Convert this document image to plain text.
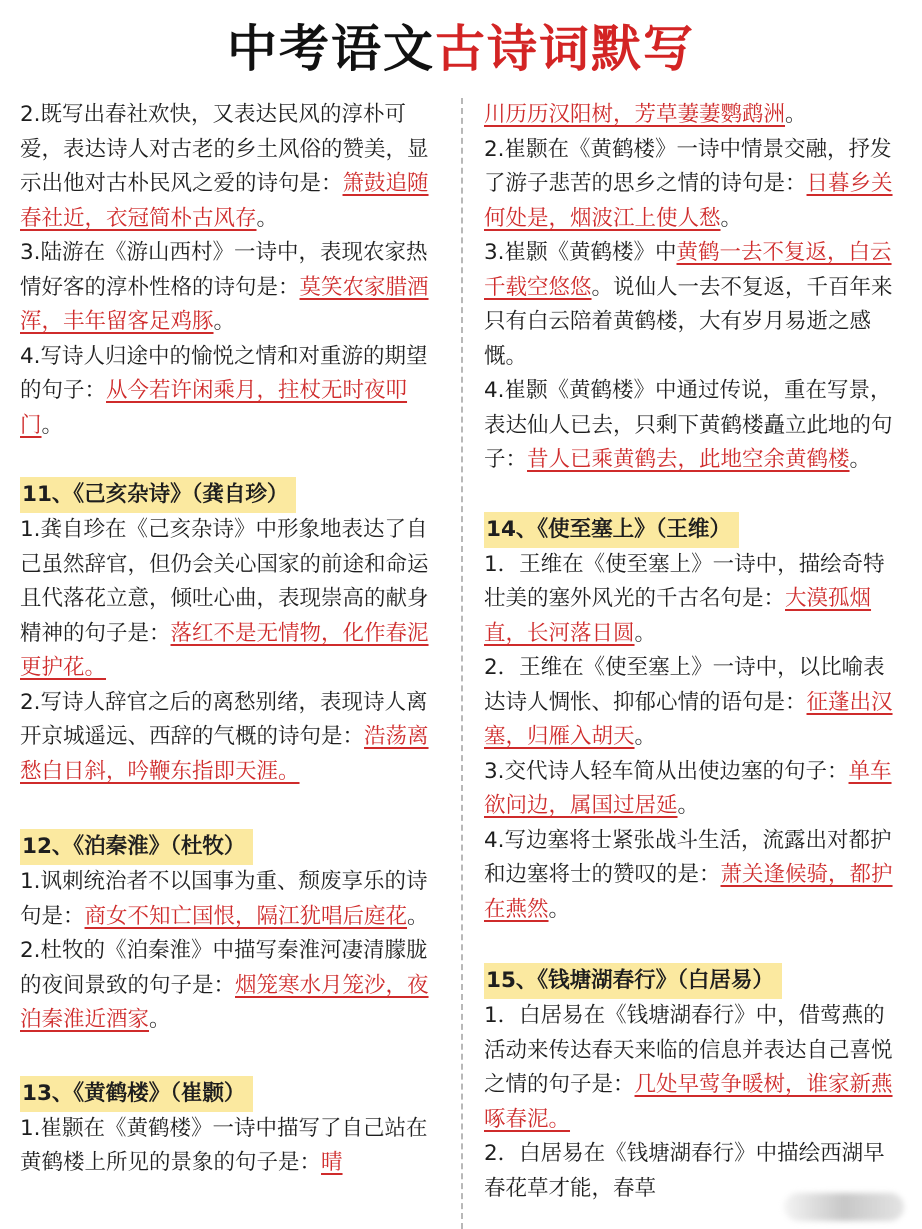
中考语文古诗词默写

2.既写出春社欢快，又表达民风的淳朴可爱，表达诗人对古老的乡土风俗的赞美，显示出他对古朴民风之爱的诗句是：箫鼓追随春社近，衣冠简朴古风存。

3.陆游在《游山西村》一诗中，表现农家热情好客的淳朴性格的诗句是：莫笑农家腊酒浑，丰年留客足鸡豚。

4.写诗人归途中的愉悦之情和对重游的期望的句子：从今若许闲乘月，拄杖无时夜叩门。

11、《己亥杂诗》（龚自珍）

1.龚自珍在《己亥杂诗》中形象地表达了自己虽然辞官，但仍会关心国家的前途和命运且代落花立意，倾吐心曲，表现崇高的献身精神的句子是：落红不是无情物，化作春泥更护花。

2.写诗人辞官之后的离愁别绪，表现诗人离开京城遥远、西辞的气概的诗句是：浩荡离愁白日斜，吟鞭东指即天涯。

12、《泊秦淮》（杜牧）

1.讽刺统治者不以国事为重、颓废享乐的诗句是：商女不知亡国恨，隔江犹唱后庭花。

2.杜牧的《泊秦淮》中描写秦淮河凄清朦胧的夜间景致的句子是：烟笼寒水月笼沙，夜泊秦淮近酒家。

13、《黄鹤楼》（崔颢）

1.崔颢在《黄鹤楼》一诗中描写了自己站在黄鹤楼上所见的景象的句子是：晴

川历历汉阳树，芳草萋萋鹦鹉洲。

2.崔颢在《黄鹤楼》一诗中情景交融，抒发了游子悲苦的思乡之情的诗句是：日暮乡关何处是，烟波江上使人愁。

3.崔颢《黄鹤楼》中黄鹤一去不复返，白云千载空悠悠。说仙人一去不复返，千百年来只有白云陪着黄鹤楼，大有岁月易逝之感慨。

4.崔颢《黄鹤楼》中通过传说，重在写景，表达仙人已去，只剩下黄鹤楼矗立此地的句子：昔人已乘黄鹤去，此地空余黄鹤楼。

14、《使至塞上》（王维）

1．王维在《使至塞上》一诗中，描绘奇特壮美的塞外风光的千古名句是：大漠孤烟直，长河落日圆。

2．王维在《使至塞上》一诗中，以比喻表达诗人惆怅、抑郁心情的语句是：征蓬出汉塞，归雁入胡天。

3.交代诗人轻车简从出使边塞的句子：单车欲问边，属国过居延。

4.写边塞将士紧张战斗生活，流露出对都护和边塞将士的赞叹的是：萧关逢候骑，都护在燕然。

15、《钱塘湖春行》（白居易）

1．白居易在《钱塘湖春行》中，借莺燕的活动来传达春天来临的信息并表达自己喜悦之情的句子是：几处早莺争暖树，谁家新燕啄春泥。

2．白居易在《钱塘湖春行》中描绘西湖早春花草才能，春草
